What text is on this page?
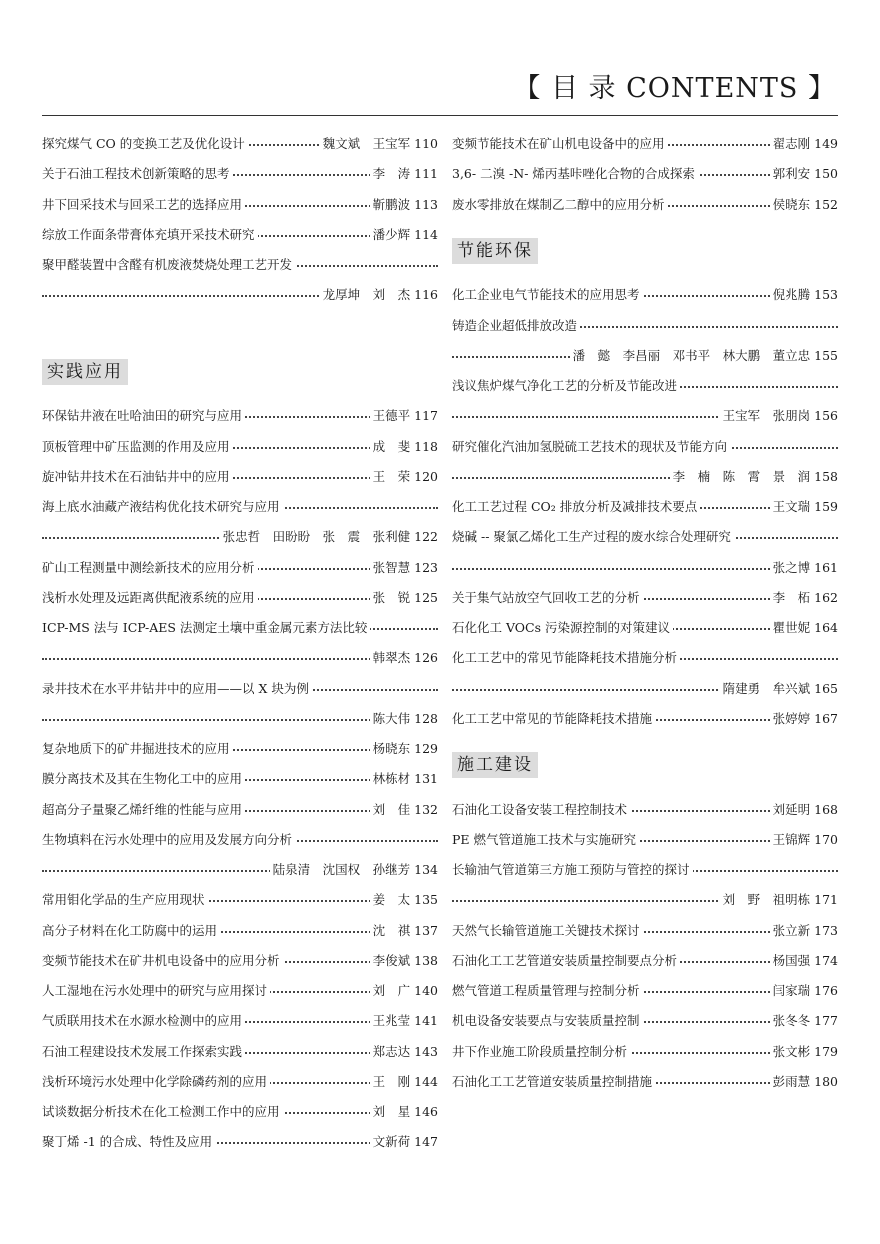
【 目 录 CONTENTS 】
探究煤气 CO 的变换工艺及优化设计	魏文斌　王宝军 110
关于石油工程技术创新策略的思考	李　涛 111
井下回采技术与回采工艺的选择应用	靳鹏波 113
综放工作面条带膏体充填开采技术研究	潘少辉 114
聚甲醛装置中含醛有机废液焚烧处理工艺开发
龙厚坤　刘　杰 116
实践应用
环保钻井液在吐哈油田的研究与应用	王德平 117
顶板管理中矿压监测的作用及应用	成　斐 118
旋冲钻井技术在石油钻井中的应用	王　荣 120
海上底水油藏产液结构优化技术研究与应用
张忠哲　田盼盼　张　震　张利健 122
矿山工程测量中测绘新技术的应用分析	张智慧 123
浅析水处理及远距离供配液系统的应用	张　锐 125
ICP-MS 法与 ICP-AES 法测定土壤中重金属元素方法比较
韩翠杰 126
录井技术在水平井钻井中的应用——以 X 块为例
陈大伟 128
复杂地质下的矿井掘进技术的应用	杨晓东 129
膜分离技术及其在生物化工中的应用	林栋材 131
超高分子量聚乙烯纤维的性能与应用	刘　佳 132
生物填料在污水处理中的应用及发展方向分析
陆泉清　沈国权　孙继芳 134
常用钼化学品的生产应用现状	姜　太 135
高分子材料在化工防腐中的运用	沈　祺 137
变频节能技术在矿井机电设备中的应用分析	李俊斌 138
人工湿地在污水处理中的研究与应用探讨	刘　广 140
气质联用技术在水源水检测中的应用	王兆莹 141
石油工程建设技术发展工作探索实践	郑志达 143
浅析环境污水处理中化学除磷药剂的应用	王　刚 144
试谈数据分析技术在化工检测工作中的应用	刘　星 146
聚丁烯 -1 的合成、特性及应用	文新荷 147
变频节能技术在矿山机电设备中的应用	翟志刚 149
3,6- 二溴 -N- 烯丙基咔唑化合物的合成探索	郭利安 150
废水零排放在煤制乙二醇中的应用分析	侯晓东 152
节能环保
化工企业电气节能技术的应用思考	倪兆腾 153
铸造企业超低排放改造
潘　懿　李昌丽　邓书平　林大鹏　董立忠 155
浅议焦炉煤气净化工艺的分析及节能改进
王宝军　张朋岗 156
研究催化汽油加氢脱硫工艺技术的现状及节能方向
李　楠　陈　霄　景　润 158
化工工艺过程 CO₂ 排放分析及减排技术要点	王文瑞 159
烧碱 -- 聚氯乙烯化工生产过程的废水综合处理研究
张之博 161
关于集气站放空气回收工艺的分析	李　柘 162
石化化工 VOCs 污染源控制的对策建议	瞿世妮 164
化工工艺中的常见节能降耗技术措施分析
隋建勇　牟兴斌 165
化工工艺中常见的节能降耗技术措施	张婷婷 167
施工建设
石油化工设备安装工程控制技术	刘延明 168
PE 燃气管道施工技术与实施研究	王锦辉 170
长输油气管道第三方施工预防与管控的探讨
刘　野　祖明栋 171
天然气长输管道施工关键技术探讨	张立新 173
石油化工工艺管道安装质量控制要点分析	杨国强 174
燃气管道工程质量管理与控制分析	闫家瑞 176
机电设备安装要点与安装质量控制	张冬冬 177
井下作业施工阶段质量控制分析	张文彬 179
石油化工工艺管道安装质量控制措施	彭雨慧 180
